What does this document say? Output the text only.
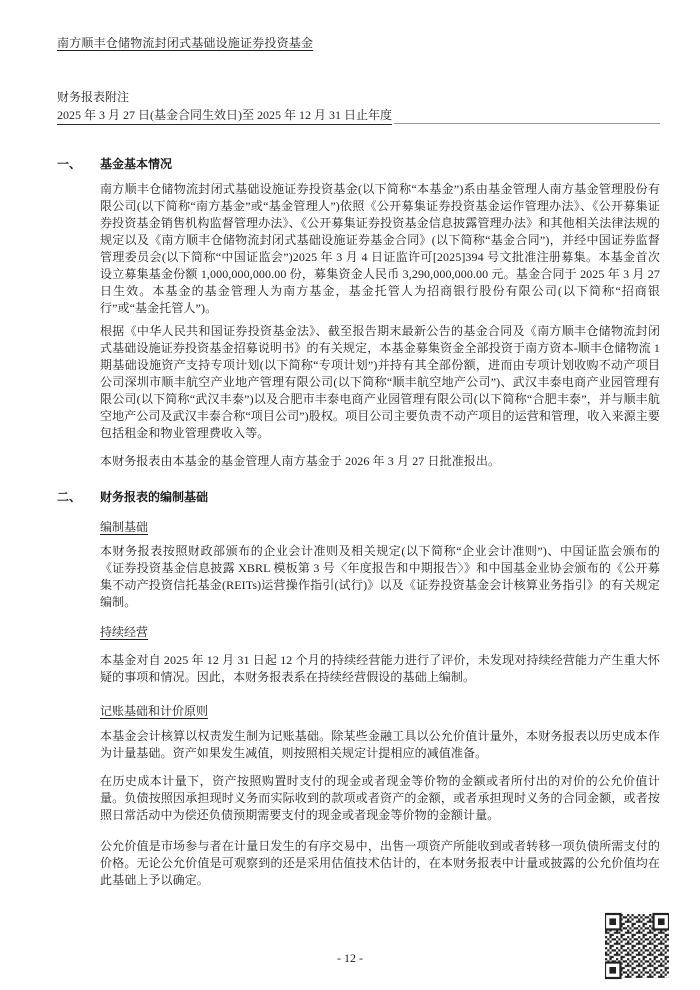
南方顺丰仓储物流封闭式基础设施证券投资基金
财务报表附注
2025 年 3 月 27 日(基金合同生效日)至 2025 年 12 月 31 日止年度
一、	基金基本情况

南方顺丰仓储物流封闭式基础设施证券投资基金(以下简称“本基金”)系由基金管理人南方基金管理股份有限公司(以下简称“南方基金”或“基金管理人”)依照《公开募集证券投资基金运作管理办法》、《公开募集证券投资基金销售机构监督管理办法》、《公开募集证券投资基金信息披露管理办法》和其他相关法律法规的规定以及《南方顺丰仓储物流封闭式基础设施证券基金合同》(以下简称“基金合同”)，并经中国证券监督管理委员会(以下简称“中国证监会”)2025 年 3 月 4 日证监许可[2025]394 号文批准注册募集。本基金首次设立募集基金份额 1,000,000,000.00 份，募集资金人民币 3,290,000,000.00 元。基金合同于 2025 年 3 月 27 日生效。本基金的基金管理人为南方基金，基金托管人为招商银行股份有限公司(以下简称“招商银行”或“基金托管人”)。

根据《中华人民共和国证券投资基金法》、截至报告期末最新公告的基金合同及《南方顺丰仓储物流封闭式基础设施证券投资基金招募说明书》的有关规定，本基金募集资金全部投资于南方资本-顺丰仓储物流 1 期基础设施资产支持专项计划(以下简称“专项计划”)并持有其全部份额，进而由专项计划收购不动产项目公司深圳市顺丰航空产业地产管理有限公司(以下简称“顺丰航空地产公司”)、武汉丰泰电商产业园管理有限公司(以下简称“武汉丰泰”)以及合肥市丰泰电商产业园管理有限公司(以下简称“合肥丰泰”，并与顺丰航空地产公司及武汉丰泰合称“项目公司”)股权。项目公司主要负责不动产项目的运营和管理，收入来源主要包括租金和物业管理费收入等。

本财务报表由本基金的基金管理人南方基金于 2026 年 3 月 27 日批准报出。

二、	财务报表的编制基础
编制基础

本财务报表按照财政部颁布的企业会计准则及相关规定(以下简称“企业会计准则”)、中国证监会颁布的《证券投资基金信息披露 XBRL 模板第 3 号〈年度报告和中期报告〉》和中国基金业协会颁布的《公开募集不动产投资信托基金(REITs)运营操作指引(试行)》以及《证券投资基金会计核算业务指引》的有关规定编制。

持续经营

本基金对自 2025 年 12 月 31 日起 12 个月的持续经营能力进行了评价，未发现对持续经营能力产生重大怀疑的事项和情况。因此，本财务报表系在持续经营假设的基础上编制。

记账基础和计价原则

本基金会计核算以权责发生制为记账基础。除某些金融工具以公允价值计量外，本财务报表以历史成本作为计量基础。资产如果发生减值，则按照相关规定计提相应的减值准备。

在历史成本计量下，资产按照购置时支付的现金或者现金等价物的金额或者所付出的对价的公允价值计量。负债按照因承担现时义务而实际收到的款项或者资产的金额，或者承担现时义务的合同金额，或者按照日常活动中为偿还负债预期需要支付的现金或者现金等价物的金额计量。

公允价值是市场参与者在计量日发生的有序交易中，出售一项资产所能收到或者转移一项负债所需支付的价格。无论公允价值是可观察到的还是采用估值技术估计的，在本财务报表中计量或披露的公允价值均在此基础上予以确定。

- 12 -
